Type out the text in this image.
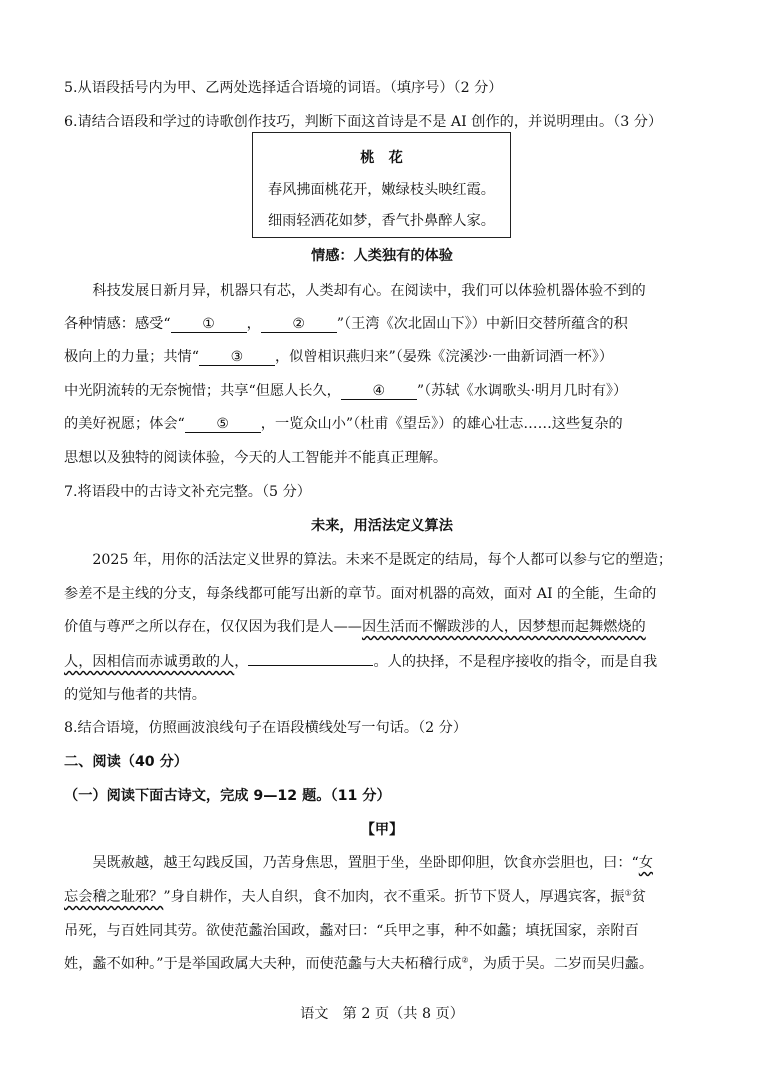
5.从语段括号内为甲、乙两处选择适合语境的词语。（填序号）（2 分）
6.请结合语段和学过的诗歌创作技巧，判断下面这首诗是不是 AI 创作的，并说明理由。（3 分）
桃　花
春风拂面桃花开，嫩绿枝头映红霞。
细雨轻洒花如梦，香气扑鼻醉人家。
情感：人类独有的体验
　　科技发展日新月异，机器只有芯，人类却有心。在阅读中，我们可以体验机器体验不到的
各种情感：感受“ ① ， ② ”（王湾《次北固山下》）中新旧交替所蕴含的积
极向上的力量；共情“ ③ ，似曾相识燕归来”（晏殊《浣溪沙·一曲新词酒一杯》）
中光阴流转的无奈惋惜；共享“但愿人长久， ④ ”（苏轼《水调歌头·明月几时有》）
的美好祝愿；体会“ ⑤ ，一览众山小”（杜甫《望岳》）的雄心壮志……这些复杂的
思想以及独特的阅读体验，今天的人工智能并不能真正理解。
7.将语段中的古诗文补充完整。（5 分）
未来，用活法定义算法
　　2025 年，用你的活法定义世界的算法。未来不是既定的结局，每个人都可以参与它的塑造；
参差不是主线的分支，每条线都可能写出新的章节。面对机器的高效，面对 AI 的全能，生命的
价值与尊严之所以存在，仅仅因为我们是人——因生活而不懈跋涉的人，因梦想而起舞燃烧的
人，因相信而赤诚勇敢的人，	。人的抉择，不是程序接收的指令，而是自我
的觉知与他者的共情。
8.结合语境，仿照画波浪线句子在语段横线处写一句话。（2 分）
二、阅读（40 分）
（一）阅读下面古诗文，完成 9—12 题。（11 分）
【甲】
　　吴既赦越，越王勾践反国，乃苦身焦思，置胆于坐，坐卧即仰胆，饮食亦尝胆也，曰：“女
忘会稽之耻邪？”身自耕作，夫人自织，食不加肉，衣不重采。折节下贤人，厚遇宾客，振①贫
吊死，与百姓同其劳。欲使范蠡治国政，蠡对曰：“兵甲之事，种不如蠡；填抚国家，亲附百
姓，蠡不如种。”于是举国政属大夫种，而使范蠡与大夫柘稽行成②，为质于吴。二岁而吴归蠡。
语文　第 2 页（共 8 页）
